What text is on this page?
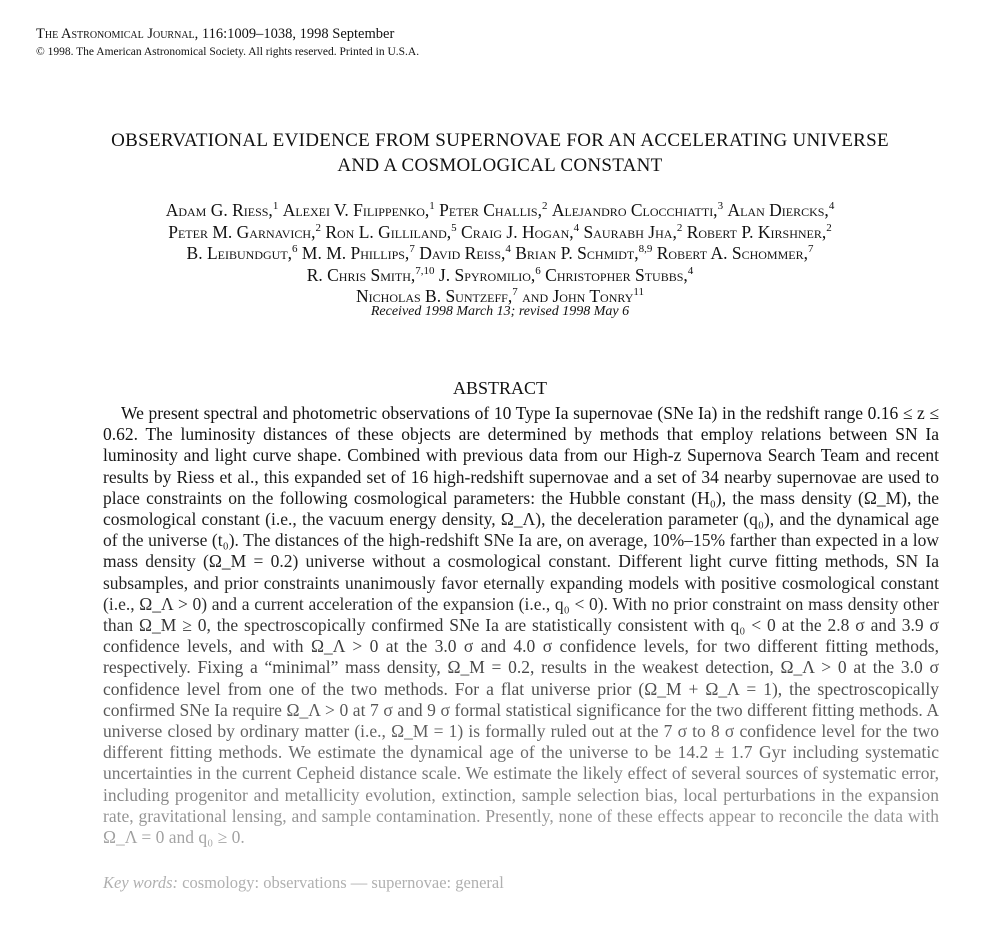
The Astronomical Journal, 116:1009–1038, 1998 September
© 1998. The American Astronomical Society. All rights reserved. Printed in U.S.A.
OBSERVATIONAL EVIDENCE FROM SUPERNOVAE FOR AN ACCELERATING UNIVERSE
AND A COSMOLOGICAL CONSTANT
Adam G. Riess,$^1$ Alexei V. Filippenko,$^1$ Peter Challis,$^2$ Alejandro Clocchiatti,$^3$ Alan Diercks,$^4$
Peter M. Garnavich,$^2$ Ron L. Gilliland,$^5$ Craig J. Hogan,$^4$ Saurabh Jha,$^2$ Robert P. Kirshner,$^2$
B. Leibundgut,$^6$ M. M. Phillips,$^7$ David Reiss,$^4$ Brian P. Schmidt,$^{8,9}$ Robert A. Schommer,$^7$
R. Chris Smith,$^{7,10}$ J. Spyromilio,$^6$ Christopher Stubbs,$^4$
Nicholas B. Suntzeff,$^7$ and John Tonry$^{11}$
Received 1998 March 13; revised 1998 May 6
ABSTRACT

We present spectral and photometric observations of 10 Type Ia supernovae (SNe Ia) in the redshift range 0.16 ≤ z ≤ 0.62. The luminosity distances of these objects are determined by methods that employ relations between SN Ia luminosity and light curve shape. Combined with previous data from our High-z Supernova Search Team and recent results by Riess et al., this expanded set of 16 high-redshift supernovae and a set of 34 nearby supernovae are used to place constraints on the following cosmological parameters: the Hubble constant (H₀), the mass density (Ω_M), the cosmological constant (i.e., the vacuum energy density, Ω_Λ), the deceleration parameter (q₀), and the dynamical age of the universe (t₀). The distances of the high-redshift SNe Ia are, on average, 10%–15% farther than expected in a low mass density (Ω_M = 0.2) universe without a cosmological constant. Different light curve fitting methods, SN Ia subsamples, and prior constraints unanimously favor eternally expanding models with positive cosmological constant (i.e., Ω_Λ > 0) and a current acceleration of the expansion (i.e., q₀ < 0). With no prior constraint on mass density other than Ω_M ≥ 0, the spectroscopically confirmed SNe Ia are statistically consistent with q₀ < 0 at the 2.8 σ and 3.9 σ confidence levels, and with Ω_Λ > 0 at the 3.0 σ and 4.0 σ confidence levels, for two different fitting methods, respectively. Fixing a “minimal” mass density, Ω_M = 0.2, results in the weakest detection, Ω_Λ > 0 at the 3.0 σ confidence level from one of the two methods. For a flat universe prior (Ω_M + Ω_Λ = 1), the spectroscopically confirmed SNe Ia require Ω_Λ > 0 at 7 σ and 9 σ formal statistical significance for the two different fitting methods. A universe closed by ordinary matter (i.e., Ω_M = 1) is formally ruled out at the 7 σ to 8 σ confidence level for the two different fitting methods. We estimate the dynamical age of the universe to be 14.2 ± 1.7 Gyr including systematic uncertainties in the current Cepheid distance scale. We estimate the likely effect of several sources of systematic error, including progenitor and metallicity evolution, extinction, sample selection bias, local perturbations in the expansion rate, gravitational lensing, and sample contamination. Presently, none of these effects appear to reconcile the data with Ω_Λ = 0 and q₀ ≥ 0.

Key words: cosmology: observations — supernovae: general
